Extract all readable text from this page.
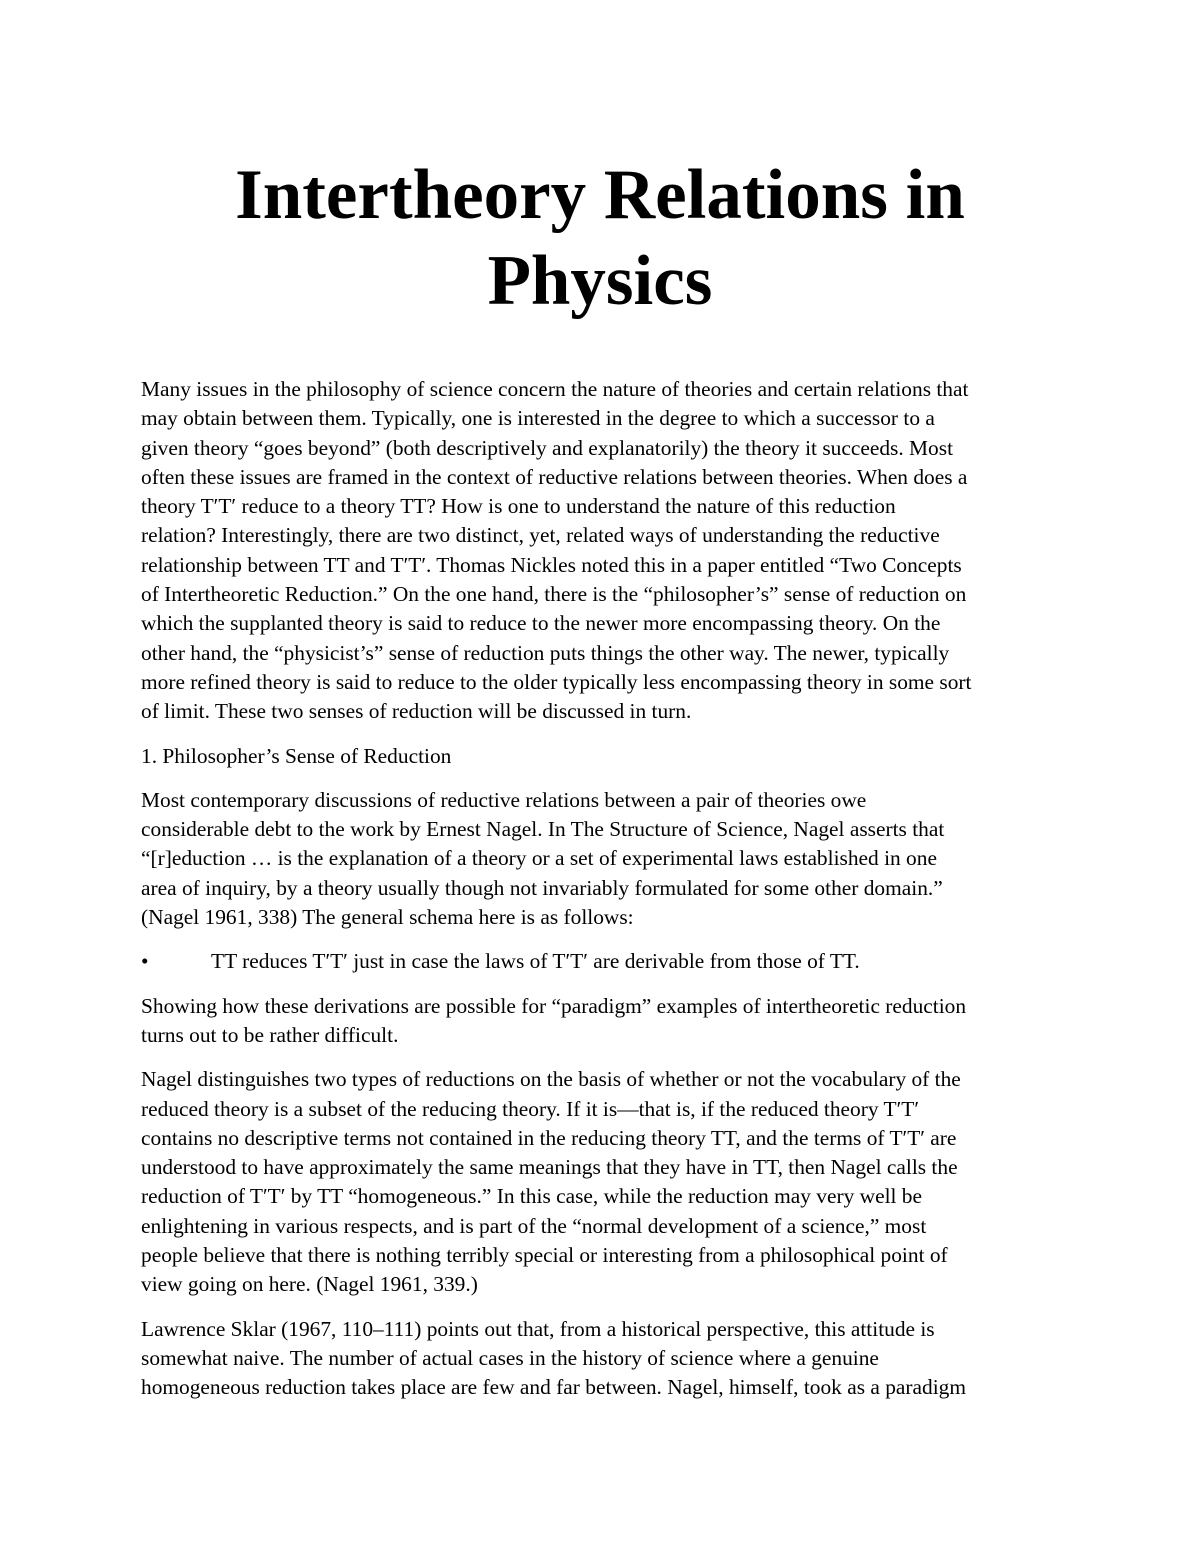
Intertheory Relations in
Physics
Many issues in the philosophy of science concern the nature of theories and certain relations that
may obtain between them. Typically, one is interested in the degree to which a successor to a
given theory “goes beyond” (both descriptively and explanatorily) the theory it succeeds. Most
often these issues are framed in the context of reductive relations between theories. When does a
theory T′T′ reduce to a theory TT? How is one to understand the nature of this reduction
relation? Interestingly, there are two distinct, yet, related ways of understanding the reductive
relationship between TT and T′T′. Thomas Nickles noted this in a paper entitled “Two Concepts
of Intertheoretic Reduction.” On the one hand, there is the “philosopher’s” sense of reduction on
which the supplanted theory is said to reduce to the newer more encompassing theory. On the
other hand, the “physicist’s” sense of reduction puts things the other way. The newer, typically
more refined theory is said to reduce to the older typically less encompassing theory in some sort
of limit. These two senses of reduction will be discussed in turn.
1. Philosopher’s Sense of Reduction
Most contemporary discussions of reductive relations between a pair of theories owe
considerable debt to the work by Ernest Nagel. In The Structure of Science, Nagel asserts that
“[r]eduction … is the explanation of a theory or a set of experimental laws established in one
area of inquiry, by a theory usually though not invariably formulated for some other domain.”
(Nagel 1961, 338) The general schema here is as follows:
•	TT reduces T′T′ just in case the laws of T′T′ are derivable from those of TT.
Showing how these derivations are possible for “paradigm” examples of intertheoretic reduction
turns out to be rather difficult.
Nagel distinguishes two types of reductions on the basis of whether or not the vocabulary of the
reduced theory is a subset of the reducing theory. If it is—that is, if the reduced theory T′T′
contains no descriptive terms not contained in the reducing theory TT, and the terms of T′T′ are
understood to have approximately the same meanings that they have in TT, then Nagel calls the
reduction of T′T′ by TT “homogeneous.” In this case, while the reduction may very well be
enlightening in various respects, and is part of the “normal development of a science,” most
people believe that there is nothing terribly special or interesting from a philosophical point of
view going on here. (Nagel 1961, 339.)
Lawrence Sklar (1967, 110–111) points out that, from a historical perspective, this attitude is
somewhat naive. The number of actual cases in the history of science where a genuine
homogeneous reduction takes place are few and far between. Nagel, himself, took as a paradigm
